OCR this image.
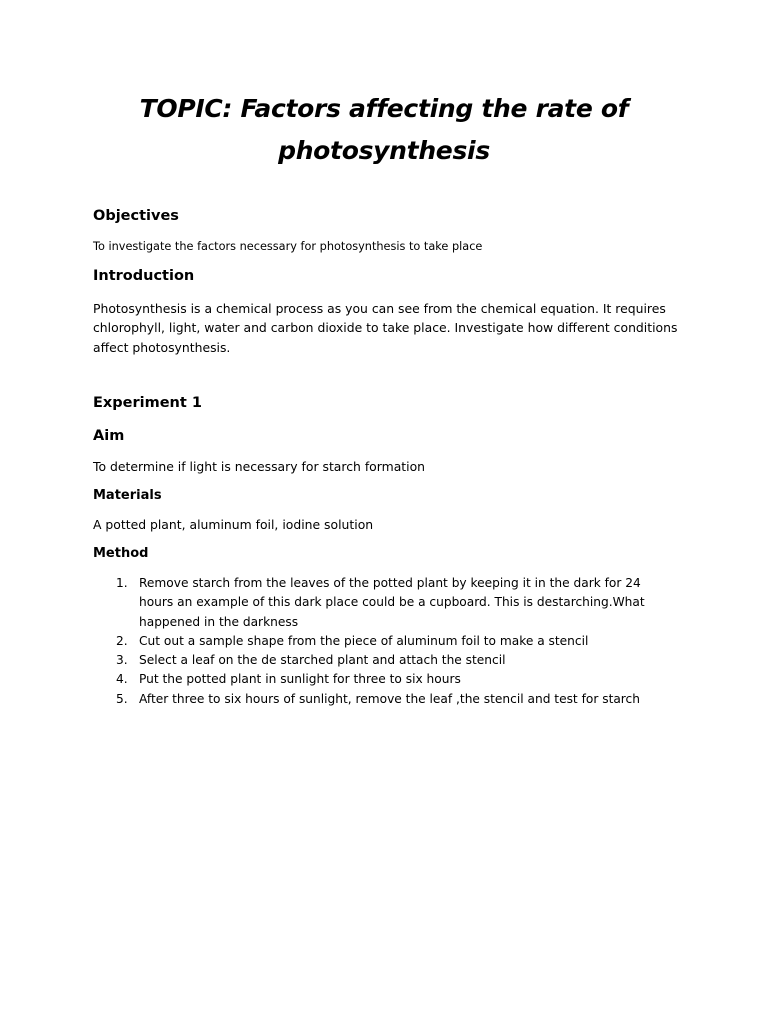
TOPIC: Factors affecting the rate of photosynthesis
Objectives
To investigate the factors necessary for photosynthesis to take place
Introduction
Photosynthesis is a chemical process as you can see from the chemical equation. It requires chlorophyll, light, water and carbon dioxide to take place. Investigate how different conditions affect photosynthesis.
Experiment 1
Aim
To determine if light is necessary for starch formation
Materials
A potted plant, aluminum foil, iodine solution
Method
1. Remove starch from the leaves of the potted plant by keeping it in the dark for 24 hours an example of this dark place could be a cupboard. This is destarching.What happened in the darkness
2. Cut out a sample shape from the piece of aluminum foil to make a stencil
3. Select a leaf on the de starched plant and attach the stencil
4. Put the potted plant in sunlight for three to six hours
5. After three to six hours of sunlight, remove the leaf ,the stencil and test for starch
